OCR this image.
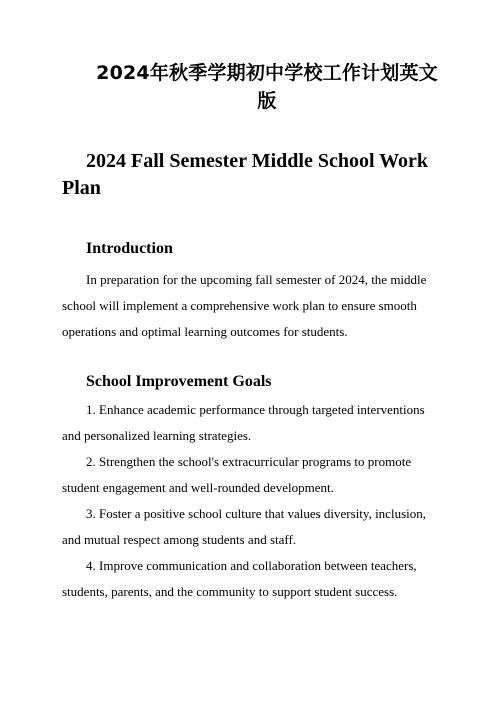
2024年秋季学期初中学校工作计划英文版
2024 Fall Semester Middle School Work Plan
Introduction

In preparation for the upcoming fall semester of 2024, the middle school will implement a comprehensive work plan to ensure smooth operations and optimal learning outcomes for students.

School Improvement Goals
1. Enhance academic performance through targeted interventions and personalized learning strategies.
2. Strengthen the school's extracurricular programs to promote student engagement and well-rounded development.
3. Foster a positive school culture that values diversity, inclusion, and mutual respect among students and staff.
4. Improve communication and collaboration between teachers, students, parents, and the community to support student success.
